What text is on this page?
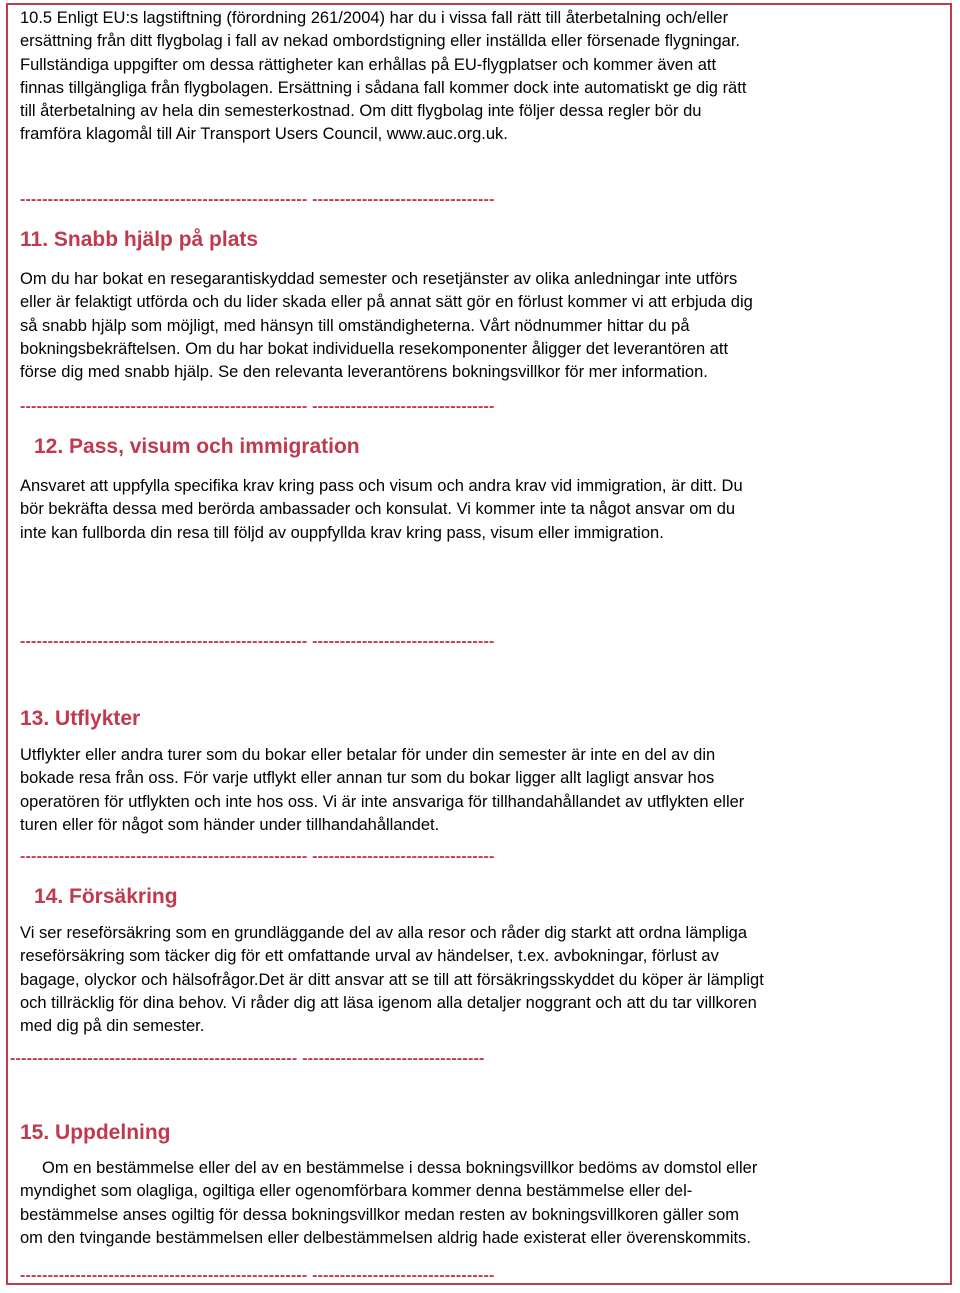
10.5 Enligt EU:s lagstiftning (förordning 261/2004) har du i vissa fall rätt till återbetalning och/eller
ersättning från ditt flygbolag i fall av nekad ombordstigning eller inställda eller försenade flygningar.
Fullständiga uppgifter om dessa rättigheter kan erhållas på EU-flygplatser och kommer även att
finnas tillgängliga från flygbolagen. Ersättning i sådana fall kommer dock inte automatiskt ge dig rätt
till återbetalning av hela din semesterkostnad. Om ditt flygbolag inte följer dessa regler bör du
framföra klagomål till Air Transport Users Council, www.auc.org.uk.
---------------------------------------------------- ---------------------------------
11. Snabb hjälp på plats
Om du har bokat en resegarantiskyddad semester och resetjänster av olika anledningar inte utförs
eller är felaktigt utförda och du lider skada eller på annat sätt gör en förlust kommer vi att erbjuda dig
så snabb hjälp som möjligt, med hänsyn till omständigheterna. Vårt nödnummer hittar du på
bokningsbekräftelsen. Om du har bokat individuella resekomponenter åligger det leverantören att
förse dig med snabb hjälp. Se den relevanta leverantörens bokningsvillkor för mer information.
---------------------------------------------------- ---------------------------------
12. Pass, visum och immigration
Ansvaret att uppfylla specifika krav kring pass och visum och andra krav vid immigration, är ditt. Du
bör bekräfta dessa med berörda ambassader och konsulat. Vi kommer inte ta något ansvar om du
inte kan fullborda din resa till följd av ouppfyllda krav kring pass, visum eller immigration.
---------------------------------------------------- ---------------------------------
13. Utflykter
Utflykter eller andra turer som du bokar eller betalar för under din semester är inte en del av din
bokade resa från oss. För varje utflykt eller annan tur som du bokar ligger allt lagligt ansvar hos
operatören för utflykten och inte hos oss. Vi är inte ansvariga för tillhandahållandet av utflykten eller
turen eller för något som händer under tillhandahållandet.
---------------------------------------------------- ---------------------------------
14. Försäkring
Vi ser reseförsäkring som en grundläggande del av alla resor och råder dig starkt att ordna lämpliga
reseförsäkring som täcker dig för ett omfattande urval av händelser, t.ex. avbokningar, förlust av
bagage, olyckor och hälsofrågor.Det är ditt ansvar att se till att försäkringsskyddet du köper är lämpligt
och tillräcklig för dina behov. Vi råder dig att läsa igenom alla detaljer noggrant och att du tar villkoren
med dig på din semester.
---------------------------------------------------- ---------------------------------
15. Uppdelning
Om en bestämmelse eller del av en bestämmelse i dessa bokningsvillkor bedöms av domstol eller
myndighet som olagliga, ogiltiga eller ogenomförbara kommer denna bestämmelse eller del-
bestämmelse anses ogiltig för dessa bokningsvillkor medan resten av bokningsvillkoren gäller som
om den tvingande bestämmelsen eller delbestämmelsen aldrig hade existerat eller överenskommits.
---------------------------------------------------- ---------------------------------
